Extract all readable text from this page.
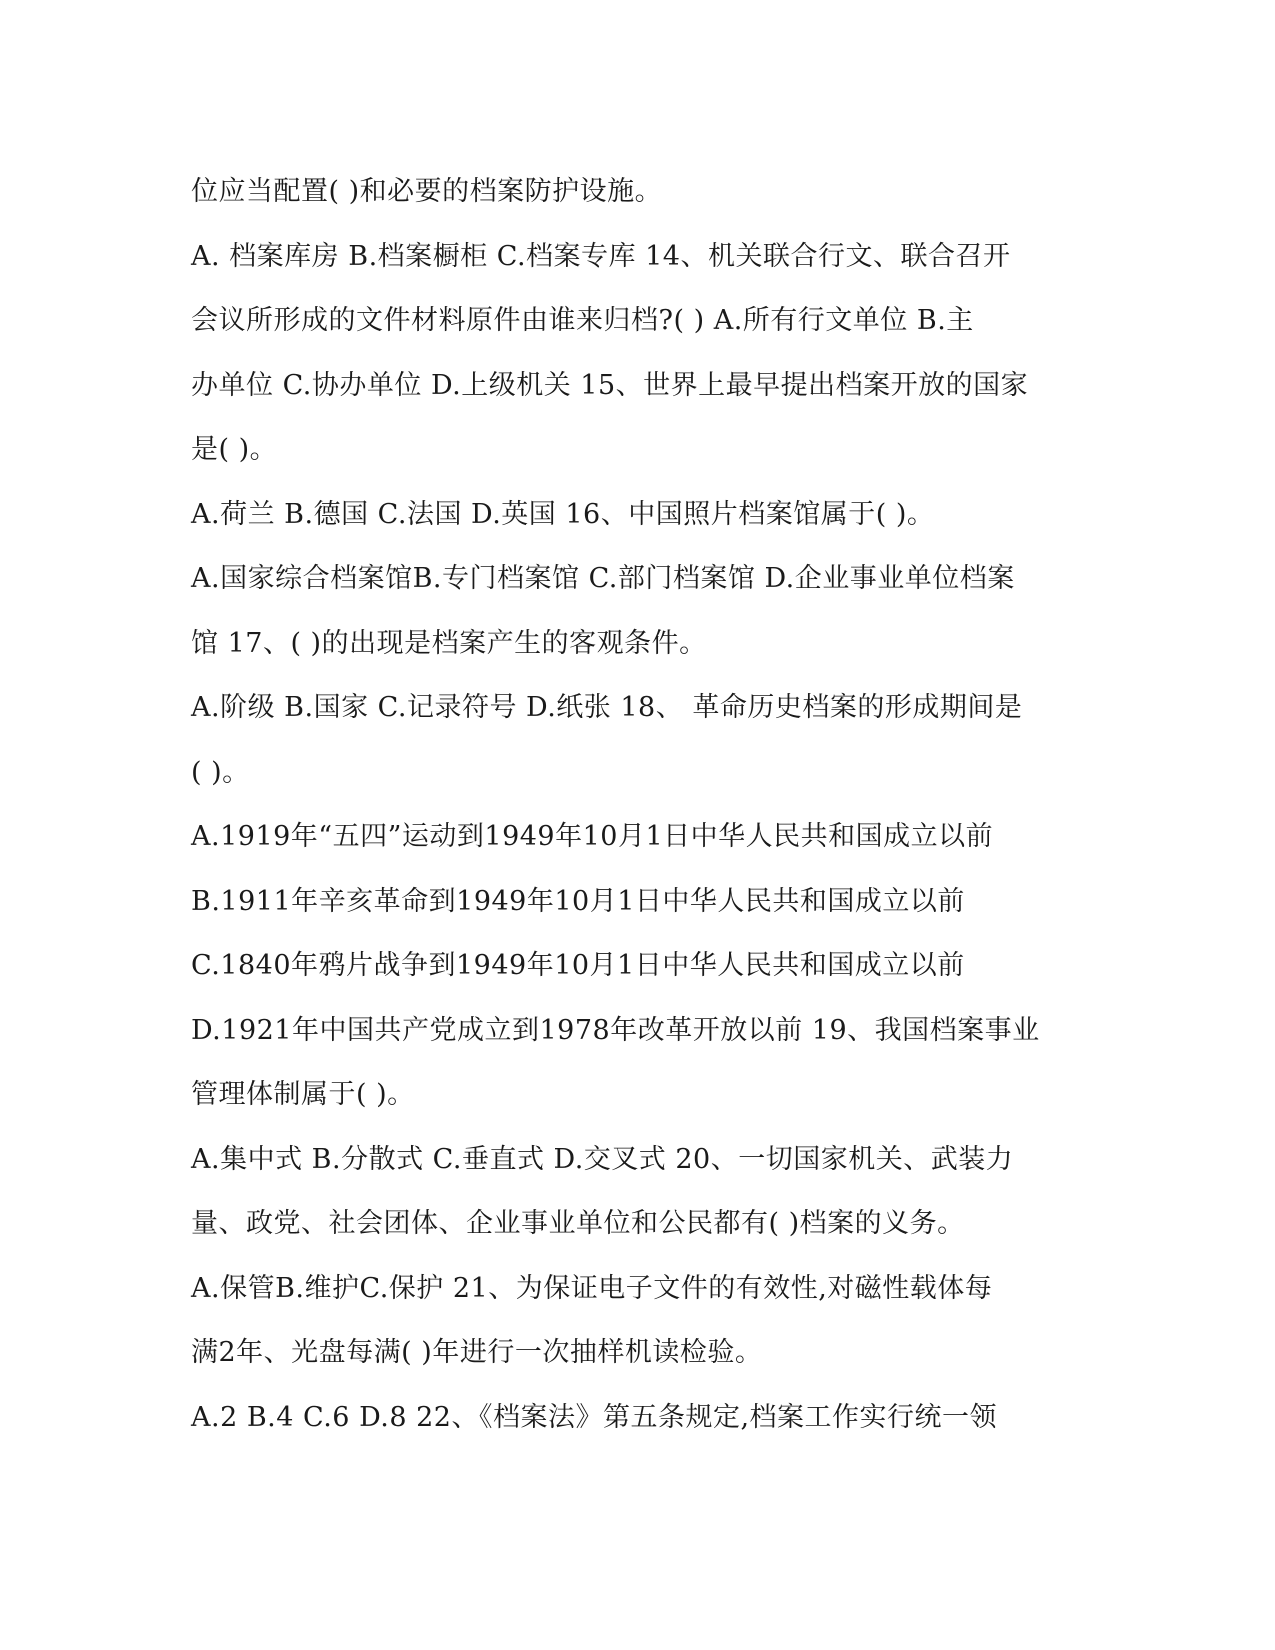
位应当配置( )和必要的档案防护设施。
A. 档案库房 B.档案橱柜 C.档案专库 14、机关联合行文、联合召开
会议所形成的文件材料原件由谁来归档?( ) A.所有行文单位 B.主
办单位 C.协办单位 D.上级机关 15、世界上最早提出档案开放的国家
是( )。
A.荷兰 B.德国 C.法国 D.英国 16、中国照片档案馆属于( )。
A.国家综合档案馆B.专门档案馆 C.部门档案馆 D.企业事业单位档案
馆 17、( )的出现是档案产生的客观条件。
A.阶级 B.国家 C.记录符号 D.纸张 18、 革命历史档案的形成期间是
( )。
A.1919年“五四”运动到1949年10月1日中华人民共和国成立以前
B.1911年辛亥革命到1949年10月1日中华人民共和国成立以前
C.1840年鸦片战争到1949年10月1日中华人民共和国成立以前
D.1921年中国共产党成立到1978年改革开放以前 19、我国档案事业
管理体制属于( )。
A.集中式 B.分散式 C.垂直式 D.交叉式 20、一切国家机关、武装力
量、政党、社会团体、企业事业单位和公民都有( )档案的义务。
A.保管B.维护C.保护 21、为保证电子文件的有效性,对磁性载体每
满2年、光盘每满( )年进行一次抽样机读检验。
A.2 B.4 C.6 D.8 22、《档案法》第五条规定,档案工作实行统一领
